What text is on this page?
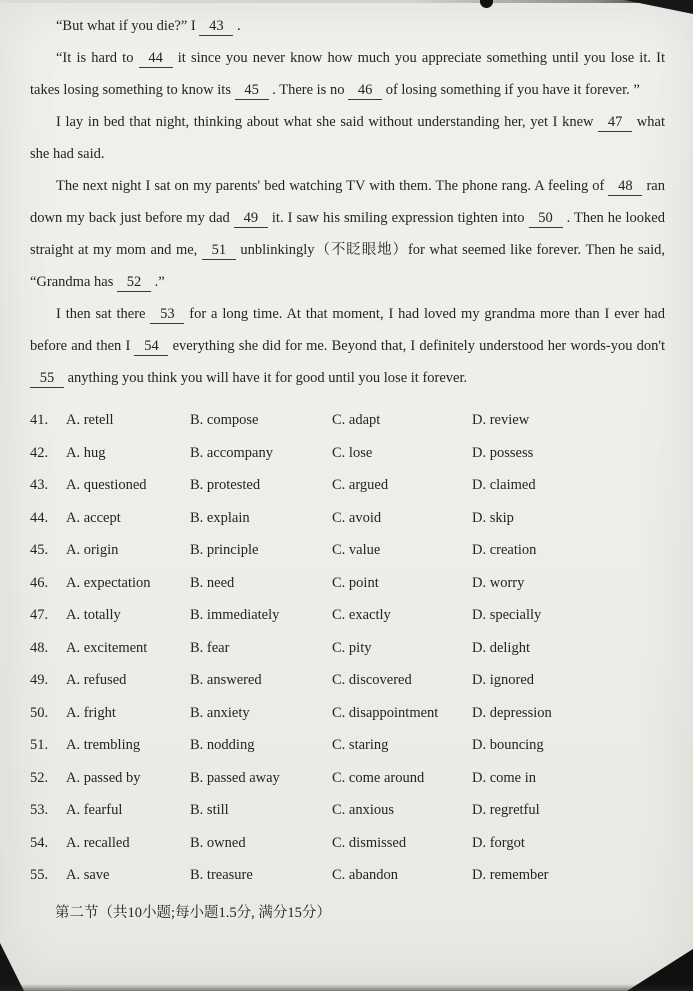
“But what if you die?” I 43 .

“It is hard to 44 it since you never know how much you appreciate something until you lose it. It takes losing something to know its 45 . There is no 46 of losing something if you have it forever. ”

I lay in bed that night, thinking about what she said without understanding her, yet I knew 47 what she had said.

The next night I sat on my parents' bed watching TV with them. The phone rang. A feeling of 48 ran down my back just before my dad 49 it. I saw his smiling expression tighten into 50 . Then he looked straight at my mom and me, 51 unblinkingly（不眨眼地）for what seemed like forever. Then he said, “Grandma has 52 .”

I then sat there 53 for a long time. At that moment, I had loved my grandma more than I ever had before and then I 54 everything she did for me. Beyond that, I definitely understood her words-you don't 55 anything you think you will have it for good until you lose it forever.

41.	A. retell	B. compose	C. adapt	D. review
42.	A. hug	B. accompany	C. lose	D. possess
43.	A. questioned	B. protested	C. argued	D. claimed
44.	A. accept	B. explain	C. avoid	D. skip
45.	A. origin	B. principle	C. value	D. creation
46.	A. expectation	B. need	C. point	D. worry
47.	A. totally	B. immediately	C. exactly	D. specially
48.	A. excitement	B. fear	C. pity	D. delight
49.	A. refused	B. answered	C. discovered	D. ignored
50.	A. fright	B. anxiety	C. disappointment	D. depression
51.	A. trembling	B. nodding	C. staring	D. bouncing
52.	A. passed by	B. passed away	C. come around	D. come in
53.	A. fearful	B. still	C. anxious	D. regretful
54.	A. recalled	B. owned	C. dismissed	D. forgot
55.	A. save	B. treasure	C. abandon	D. remember
第二节（共10小题;每小题1.5分, 满分15分）
